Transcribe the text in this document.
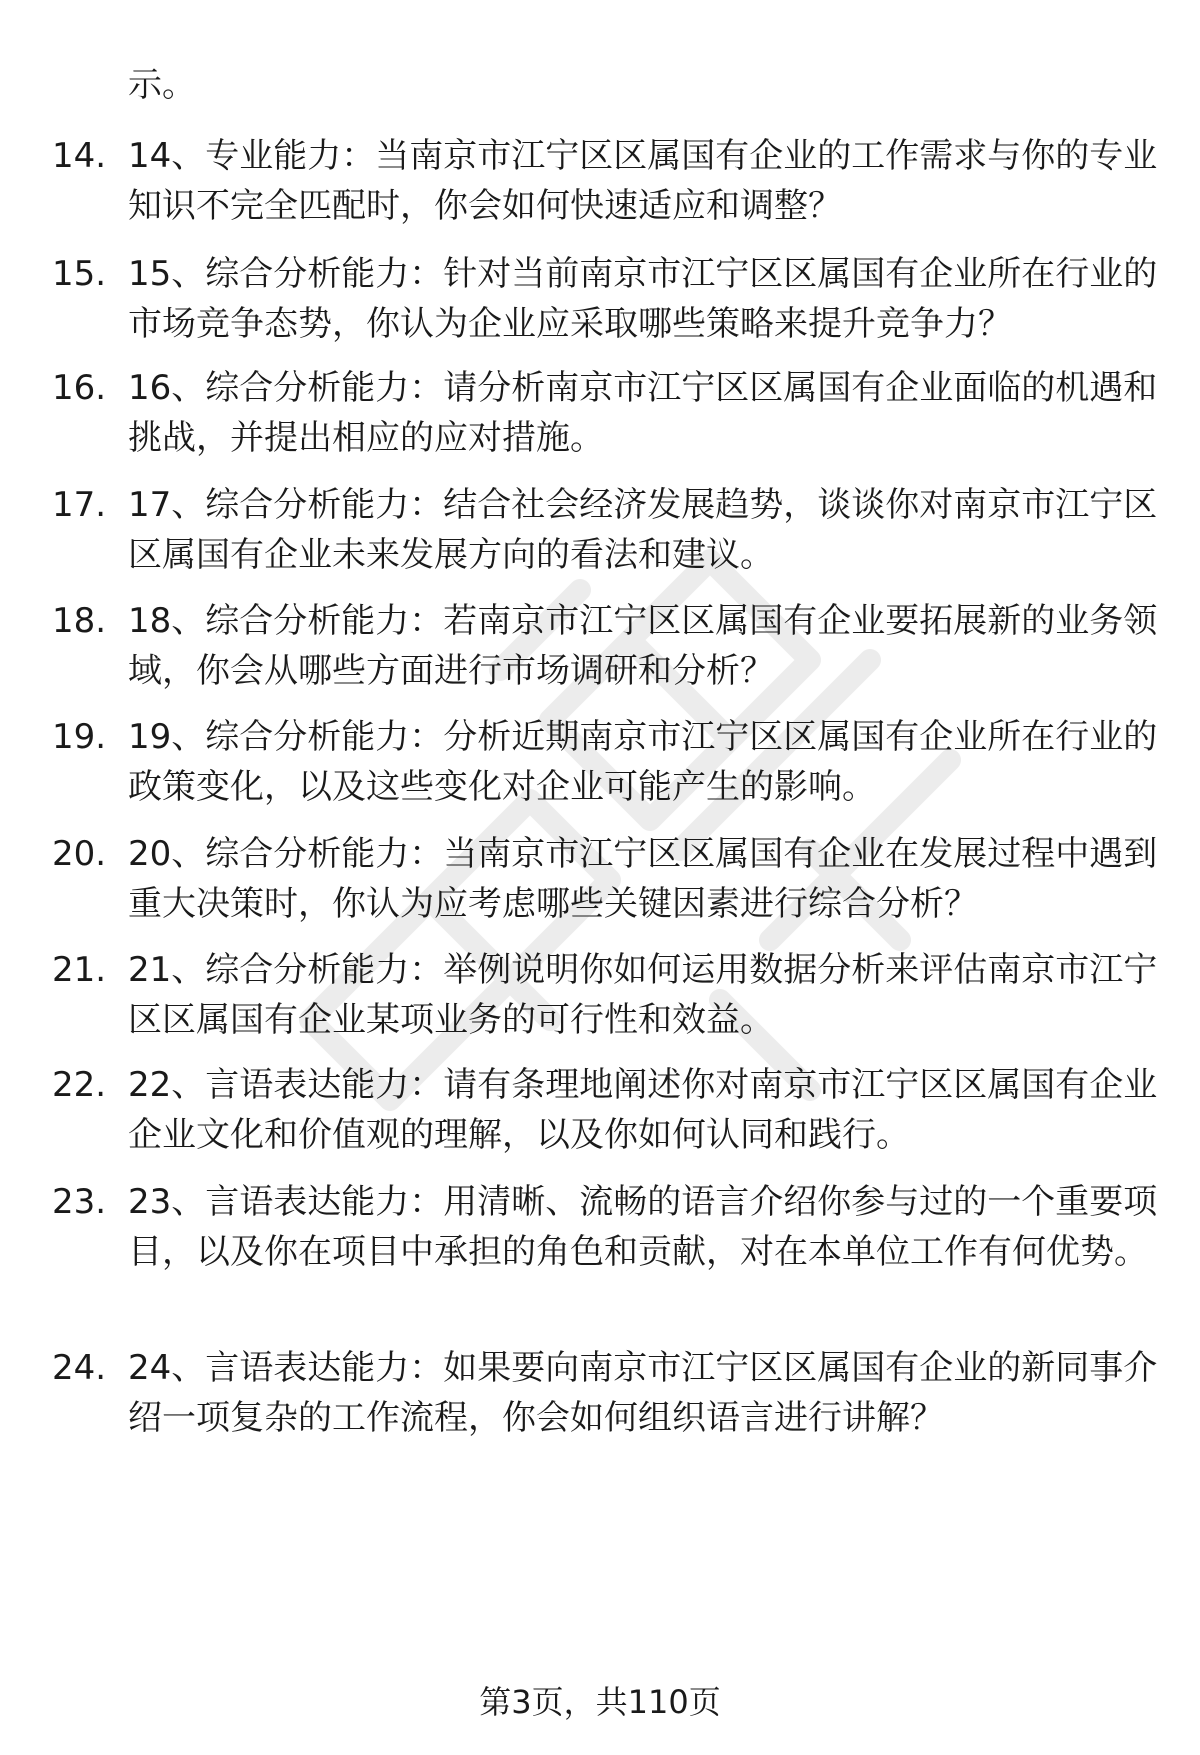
示。
14. 14、专业能力：当南京市江宁区区属国有企业的工作需求与你的专业知识不完全匹配时，你会如何快速适应和调整？
15. 15、综合分析能力：针对当前南京市江宁区区属国有企业所在行业的市场竞争态势，你认为企业应采取哪些策略来提升竞争力？
16. 16、综合分析能力：请分析南京市江宁区区属国有企业面临的机遇和挑战，并提出相应的应对措施。
17. 17、综合分析能力：结合社会经济发展趋势，谈谈你对南京市江宁区区属国有企业未来发展方向的看法和建议。
18. 18、综合分析能力：若南京市江宁区区属国有企业要拓展新的业务领域，你会从哪些方面进行市场调研和分析？
19. 19、综合分析能力：分析近期南京市江宁区区属国有企业所在行业的政策变化，以及这些变化对企业可能产生的影响。
20. 20、综合分析能力：当南京市江宁区区属国有企业在发展过程中遇到重大决策时，你认为应考虑哪些关键因素进行综合分析？
21. 21、综合分析能力：举例说明你如何运用数据分析来评估南京市江宁区区属国有企业某项业务的可行性和效益。
22. 22、言语表达能力：请有条理地阐述你对南京市江宁区区属国有企业企业文化和价值观的理解，以及你如何认同和践行。
23. 23、言语表达能力：用清晰、流畅的语言介绍你参与过的一个重要项目，以及你在项目中承担的角色和贡献，对在本单位工作有何优势。
24. 24、言语表达能力：如果要向南京市江宁区区属国有企业的新同事介绍一项复杂的工作流程，你会如何组织语言进行讲解？
第3页，共110页
